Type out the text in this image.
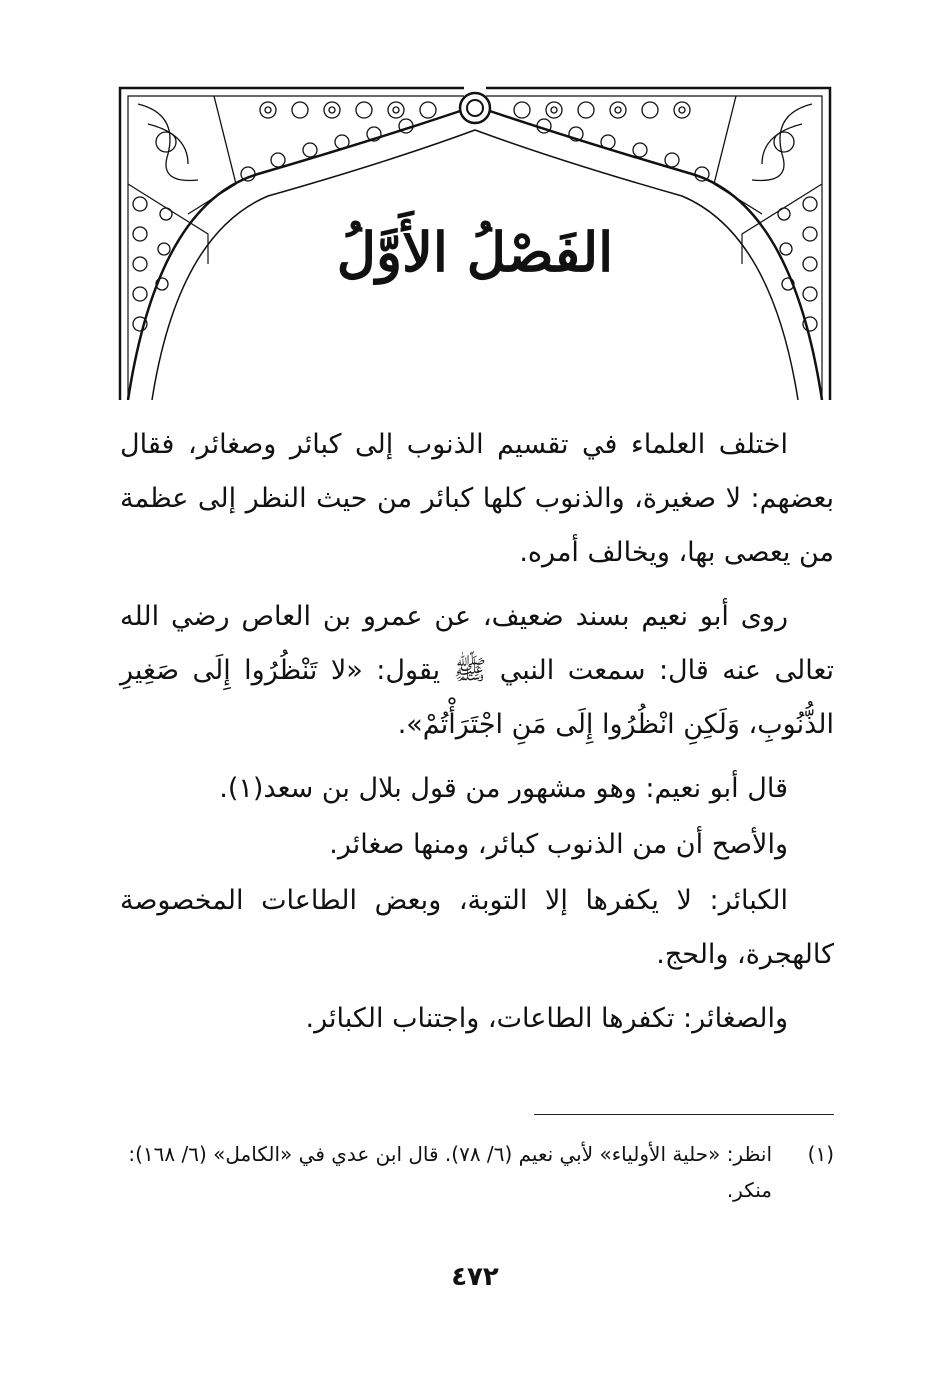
الفَصْلُ الأَوَّلُ

اختلف العلماء في تقسيم الذنوب إلى كبائر وصغائر، فقال بعضهم: لا صغيرة، والذنوب كلها كبائر من حيث النظر إلى عظمة من يعصى بها، ويخالف أمره.

روى أبو نعيم بسند ضعيف، عن عمرو بن العاص رضي الله تعالى عنه قال: سمعت النبي ﷺ يقول: «لا تَنْظُرُوا إِلَى صَغِيرِ الذُّنُوبِ، وَلَكِنِ انْظُرُوا إِلَى مَنِ اجْتَرَأْتُمْ».

قال أبو نعيم: وهو مشهور من قول بلال بن سعد(١).

والأصح أن من الذنوب كبائر، ومنها صغائر.

الكبائر: لا يكفرها إلا التوبة، وبعض الطاعات المخصوصة كالهجرة، والحج.

والصغائر: تكفرها الطاعات، واجتناب الكبائر.

(١)
انظر: «حلية الأولياء» لأبي نعيم (٦/ ٧٨). قال ابن عدي في «الكامل» (٦/ ١٦٨): منكر.
٤٧٢
